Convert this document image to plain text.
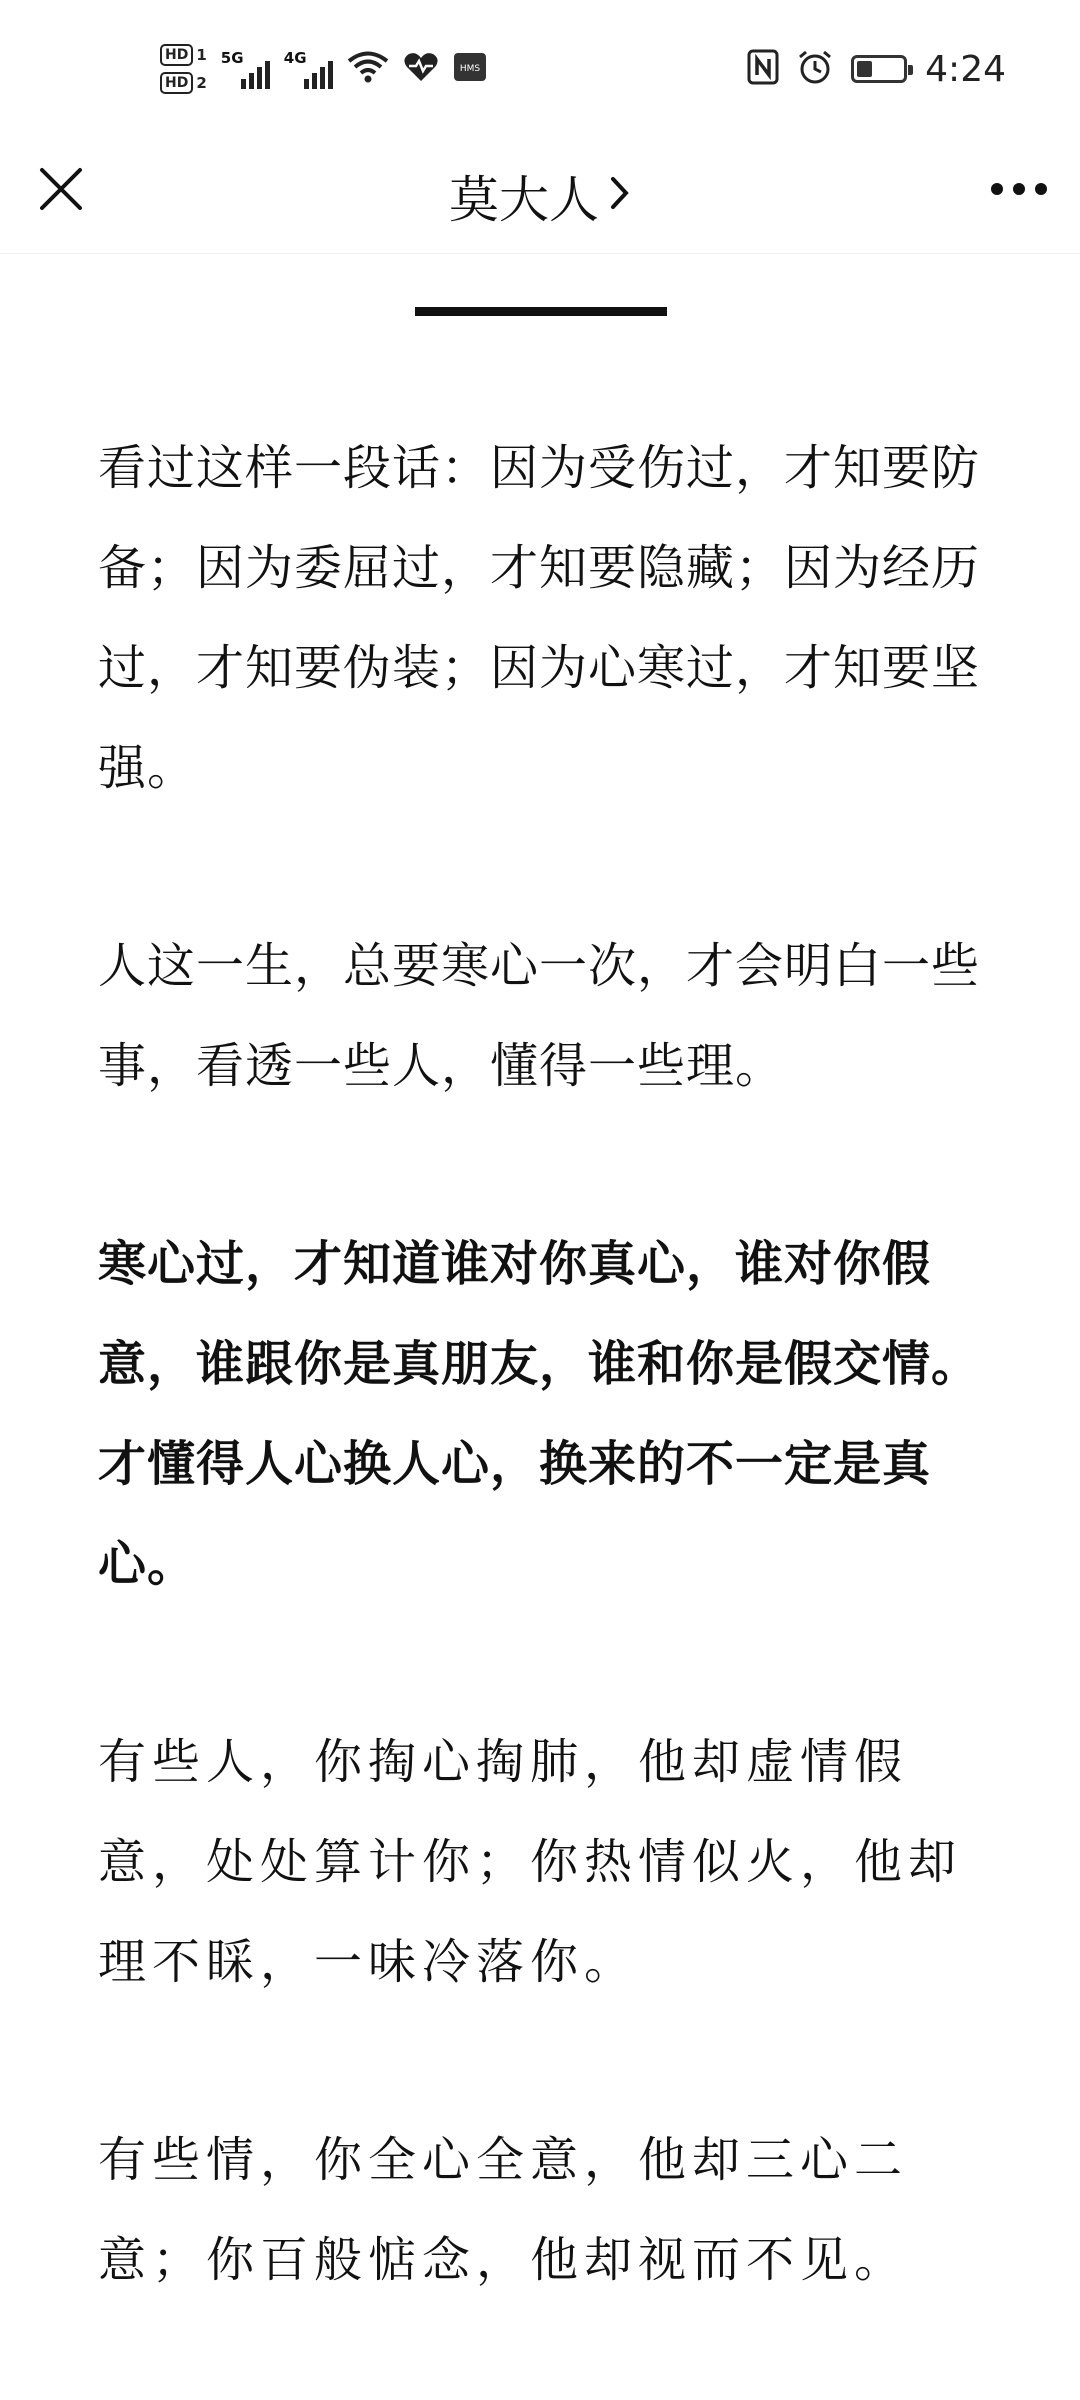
HD 1
HD 2
5G	4G
HMS	4:24
莫大人

看过这样一段话：因为受伤过，才知要防备；因为委屈过，才知要隐藏；因为经历过，才知要伪装；因为心寒过，才知要坚强。

人这一生，总要寒心一次，才会明白一些事，看透一些人，懂得一些理。

寒心过，才知道谁对你真心，谁对你假意，谁跟你是真朋友，谁和你是假交情。才懂得人心换人心，换来的不一定是真心。

有些人，你掏心掏肺，他却虚情假意，处处算计你；你热情似火，他却理不睬，一味冷落你。

有些情，你全心全意，他却三心二意；你百般惦念，他却视而不见。
